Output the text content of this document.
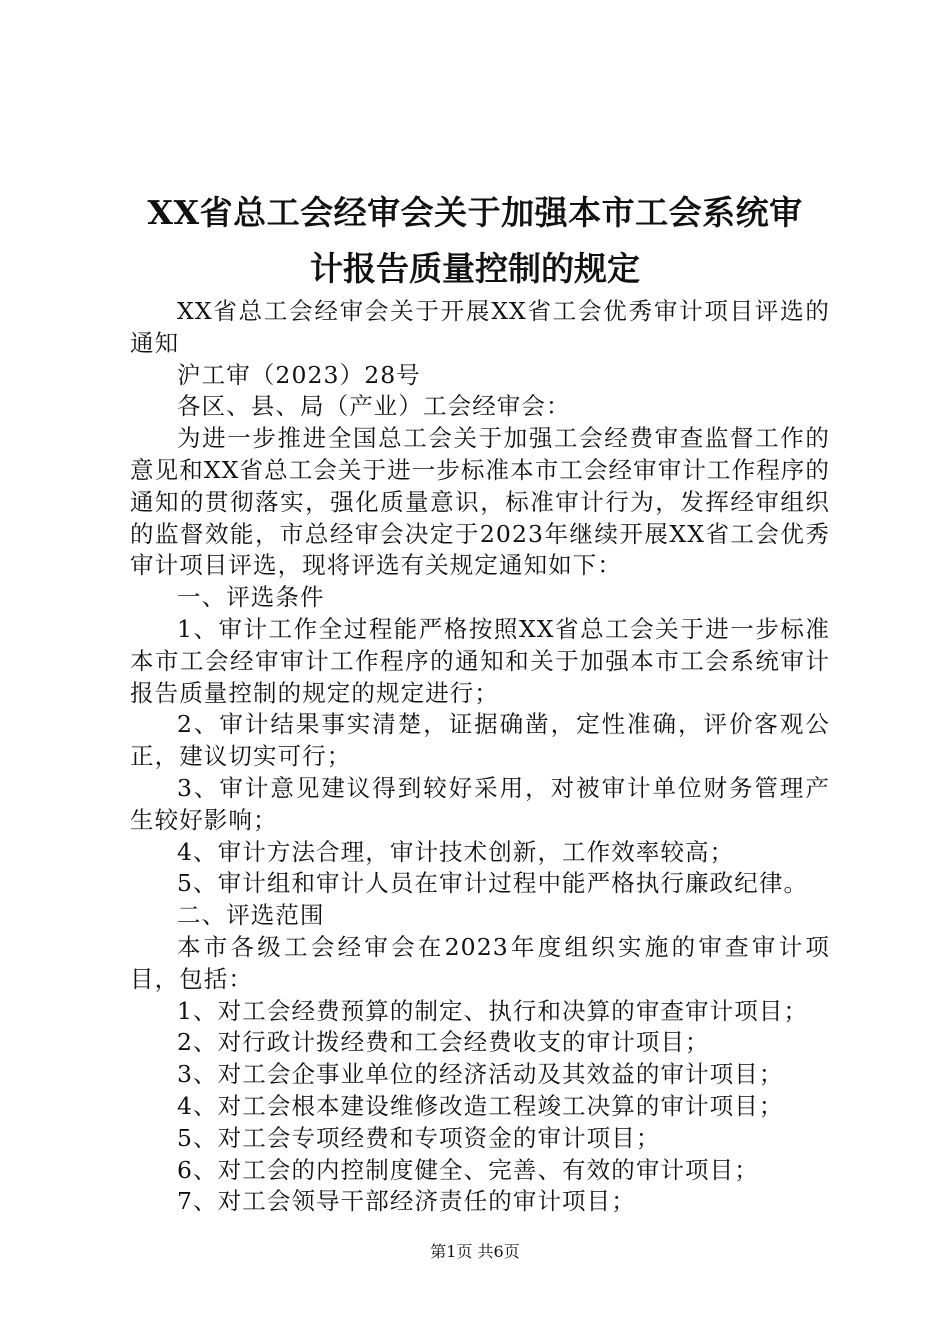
XX省总工会经审会关于加强本市工会系统审
计报告质量控制的规定

XX省总工会经审会关于开展XX省工会优秀审计项目评选的通知

沪工审（2023）28号

各区、县、局（产业）工会经审会：

为进一步推进全国总工会关于加强工会经费审查监督工作的意见和XX省总工会关于进一步标准本市工会经审审计工作程序的通知的贯彻落实，强化质量意识，标准审计行为，发挥经审组织的监督效能，市总经审会决定于2023年继续开展XX省工会优秀审计项目评选，现将评选有关规定通知如下：

一、评选条件

1、审计工作全过程能严格按照XX省总工会关于进一步标准本市工会经审审计工作程序的通知和关于加强本市工会系统审计报告质量控制的规定的规定进行；

2、审计结果事实清楚，证据确凿，定性准确，评价客观公正，建议切实可行；

3、审计意见建议得到较好采用，对被审计单位财务管理产生较好影响；

4、审计方法合理，审计技术创新，工作效率较高；

5、审计组和审计人员在审计过程中能严格执行廉政纪律。

二、评选范围

本市各级工会经审会在2023年度组织实施的审查审计项目，包括：

1、对工会经费预算的制定、执行和决算的审查审计项目；

2、对行政计拨经费和工会经费收支的审计项目；

3、对工会企事业单位的经济活动及其效益的审计项目；

4、对工会根本建设维修改造工程竣工决算的审计项目；

5、对工会专项经费和专项资金的审计项目；

6、对工会的内控制度健全、完善、有效的审计项目；

7、对工会领导干部经济责任的审计项目；

第1页 共6页
